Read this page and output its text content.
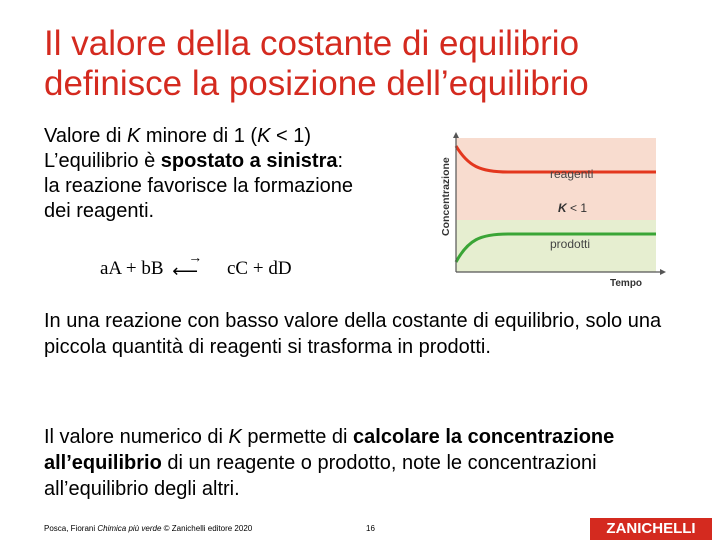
Il valore della costante di equilibrio
definisce la posizione dell’equilibrio
Valore di K minore di 1 (K < 1)
L’equilibrio è spostato a sinistra:
la reazione favorisce la formazione
dei reagenti.
aA + bB →
⟵ cC + dD
Concentrazione
Tempo
reagenti
K < 1
prodotti
In una reazione con basso valore della costante di equilibrio, solo una piccola quantità di reagenti si trasforma in prodotti.
Il valore numerico di K permette di calcolare la concentrazione all’equilibrio di un reagente o prodotto, note le concentrazioni all’equilibrio degli altri.
Posca, Fiorani Chimica più verde © Zanichelli editore 2020	16	ZANICHELLI
